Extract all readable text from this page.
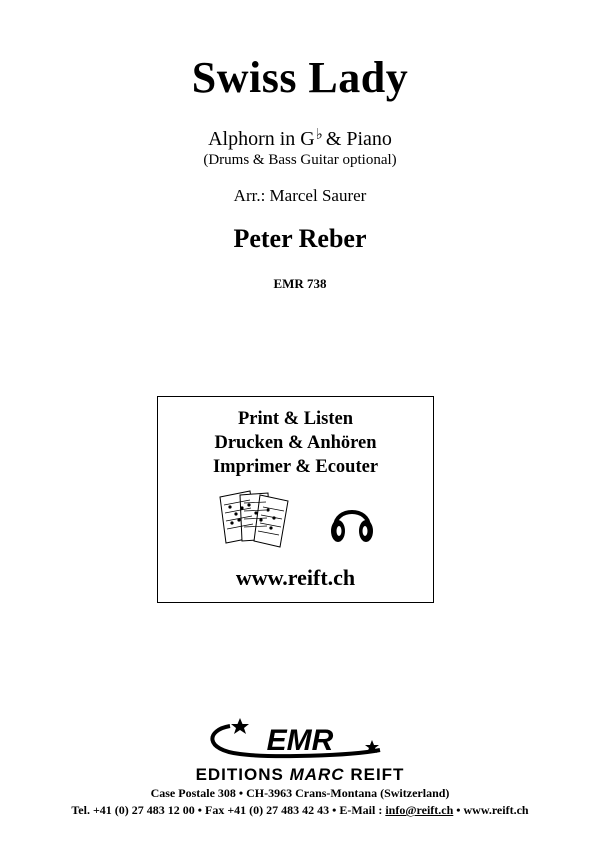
Swiss Lady
Alphorn in G♭ & Piano
(Drums & Bass Guitar optional)
Arr.: Marcel Saurer
Peter Reber
EMR 738
Print & Listen
Drucken & Anhören
Imprimer & Ecouter
www.reift.ch
EMR
EDITIONS MARC REIFT
Case Postale 308 • CH-3963 Crans-Montana (Switzerland)
Tel. +41 (0) 27 483 12 00 • Fax +41 (0) 27 483 42 43 • E-Mail : info@reift.ch • www.reift.ch
